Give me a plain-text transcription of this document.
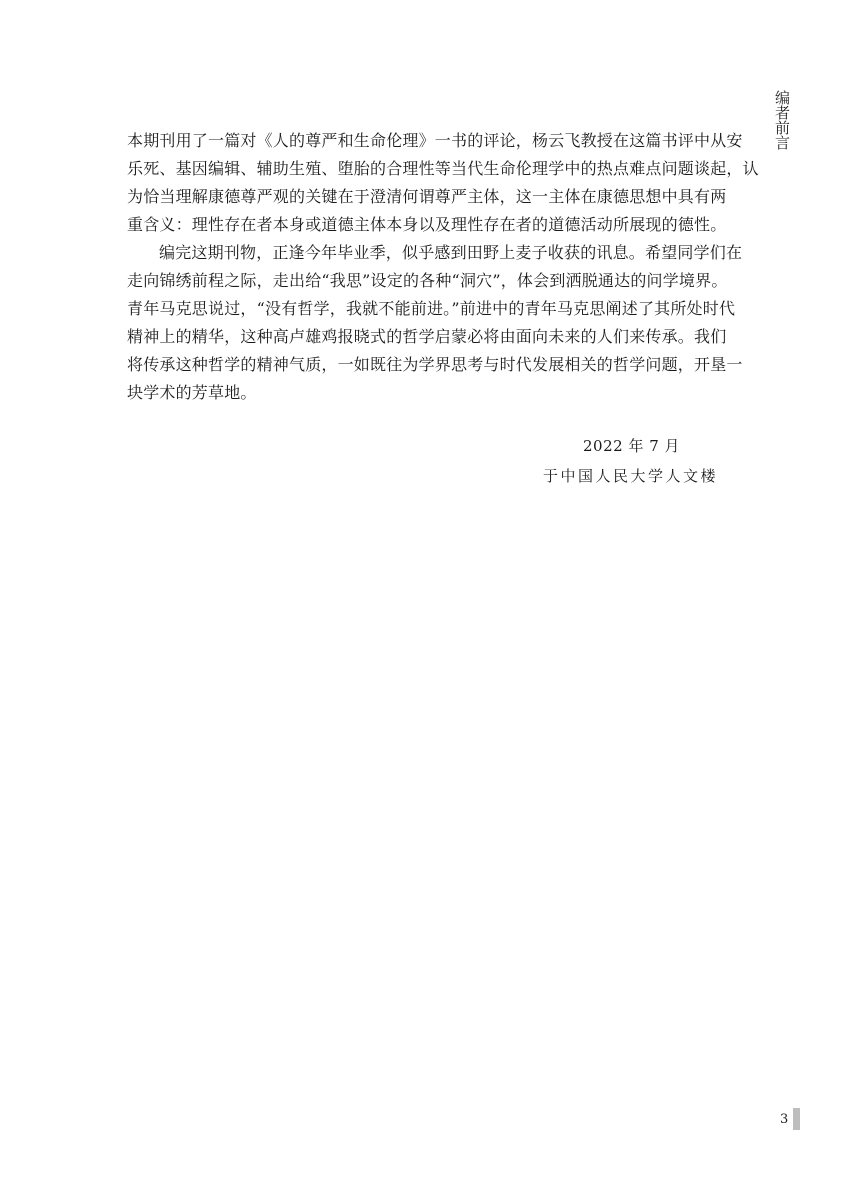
编者前言
本期刊用了一篇对《人的尊严和生命伦理》一书的评论，杨云飞教授在这篇书评中从安
乐死、基因编辑、辅助生殖、堕胎的合理性等当代生命伦理学中的热点难点问题谈起，认
为恰当理解康德尊严观的关键在于澄清何谓尊严主体，这一主体在康德思想中具有两
重含义：理性存在者本身或道德主体本身以及理性存在者的道德活动所展现的德性。
编完这期刊物，正逢今年毕业季，似乎感到田野上麦子收获的讯息。希望同学们在
走向锦绣前程之际，走出给“我思”设定的各种“洞穴”，体会到洒脱通达的问学境界。
青年马克思说过，“没有哲学，我就不能前进。”前进中的青年马克思阐述了其所处时代
精神上的精华，这种高卢雄鸡报晓式的哲学启蒙必将由面向未来的人们来传承。我们
将传承这种哲学的精神气质，一如既往为学界思考与时代发展相关的哲学问题，开垦一
块学术的芳草地。
2022 年 7 月
于中国人民大学人文楼
3
